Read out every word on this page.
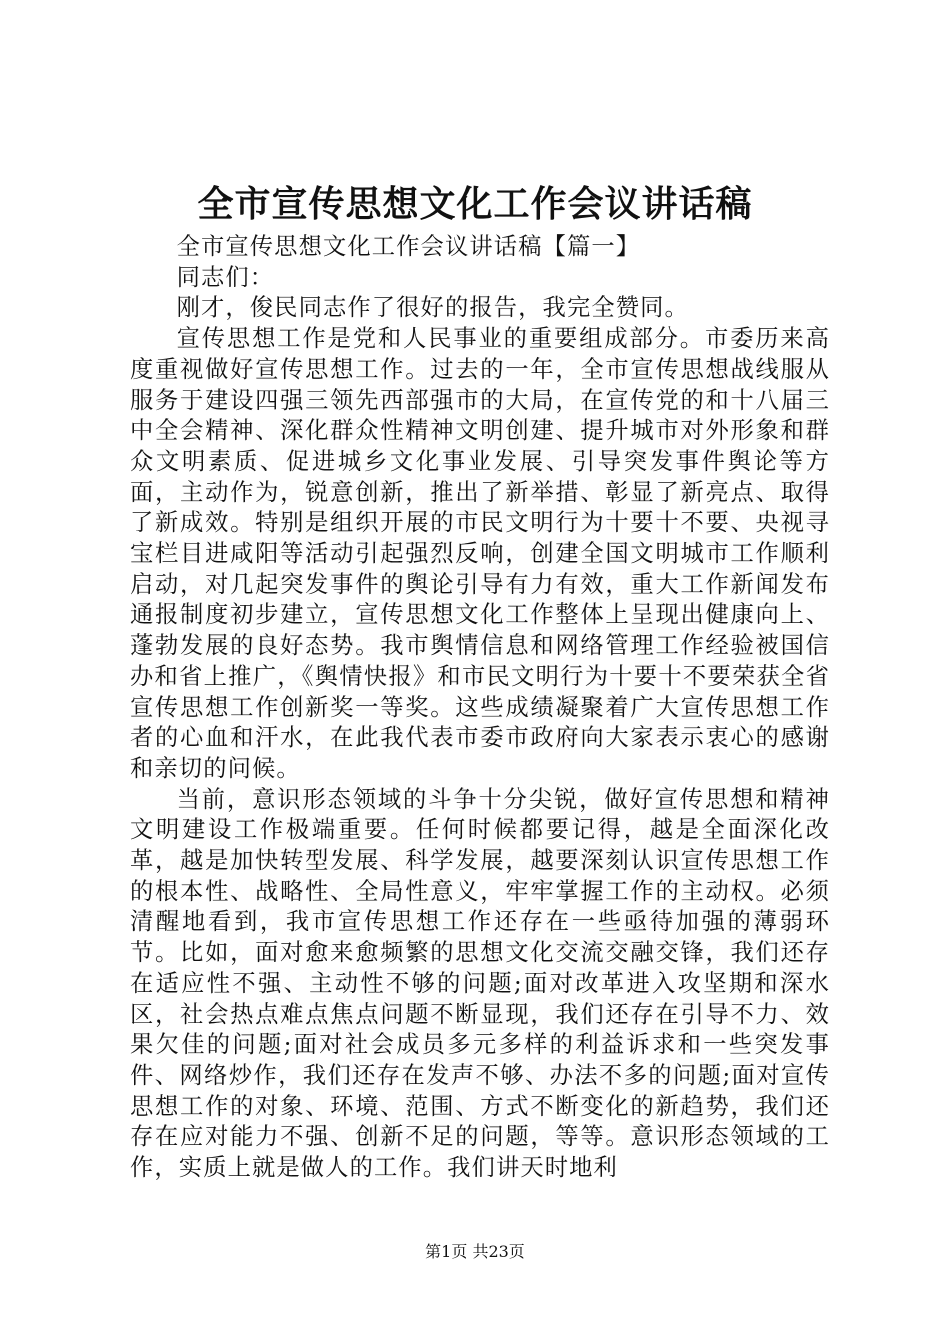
全市宣传思想文化工作会议讲话稿

全市宣传思想文化工作会议讲话稿【篇一】

同志们：

刚才，俊民同志作了很好的报告，我完全赞同。

宣传思想工作是党和人民事业的重要组成部分。市委历来高度重视做好宣传思想工作。过去的一年，全市宣传思想战线服从服务于建设四强三领先西部强市的大局，在宣传党的和十八届三中全会精神、深化群众性精神文明创建、提升城市对外形象和群众文明素质、促进城乡文化事业发展、引导突发事件舆论等方面，主动作为，锐意创新，推出了新举措、彰显了新亮点、取得了新成效。特别是组织开展的市民文明行为十要十不要、央视寻宝栏目进咸阳等活动引起强烈反响，创建全国文明城市工作顺利启动，对几起突发事件的舆论引导有力有效，重大工作新闻发布通报制度初步建立，宣传思想文化工作整体上呈现出健康向上、蓬勃发展的良好态势。我市舆情信息和网络管理工作经验被国信办和省上推广，《舆情快报》和市民文明行为十要十不要荣获全省宣传思想工作创新奖一等奖。这些成绩凝聚着广大宣传思想工作者的心血和汗水，在此我代表市委市政府向大家表示衷心的感谢和亲切的问候。

当前，意识形态领域的斗争十分尖锐，做好宣传思想和精神文明建设工作极端重要。任何时候都要记得，越是全面深化改革，越是加快转型发展、科学发展，越要深刻认识宣传思想工作的根本性、战略性、全局性意义，牢牢掌握工作的主动权。必须清醒地看到，我市宣传思想工作还存在一些亟待加强的薄弱环节。比如，面对愈来愈频繁的思想文化交流交融交锋，我们还存在适应性不强、主动性不够的问题;面对改革进入攻坚期和深水区，社会热点难点焦点问题不断显现，我们还存在引导不力、效果欠佳的问题;面对社会成员多元多样的利益诉求和一些突发事件、网络炒作，我们还存在发声不够、办法不多的问题;面对宣传思想工作的对象、环境、范围、方式不断变化的新趋势，我们还存在应对能力不强、创新不足的问题，等等。意识形态领域的工作，实质上就是做人的工作。我们讲天时地利

第1页 共23页
